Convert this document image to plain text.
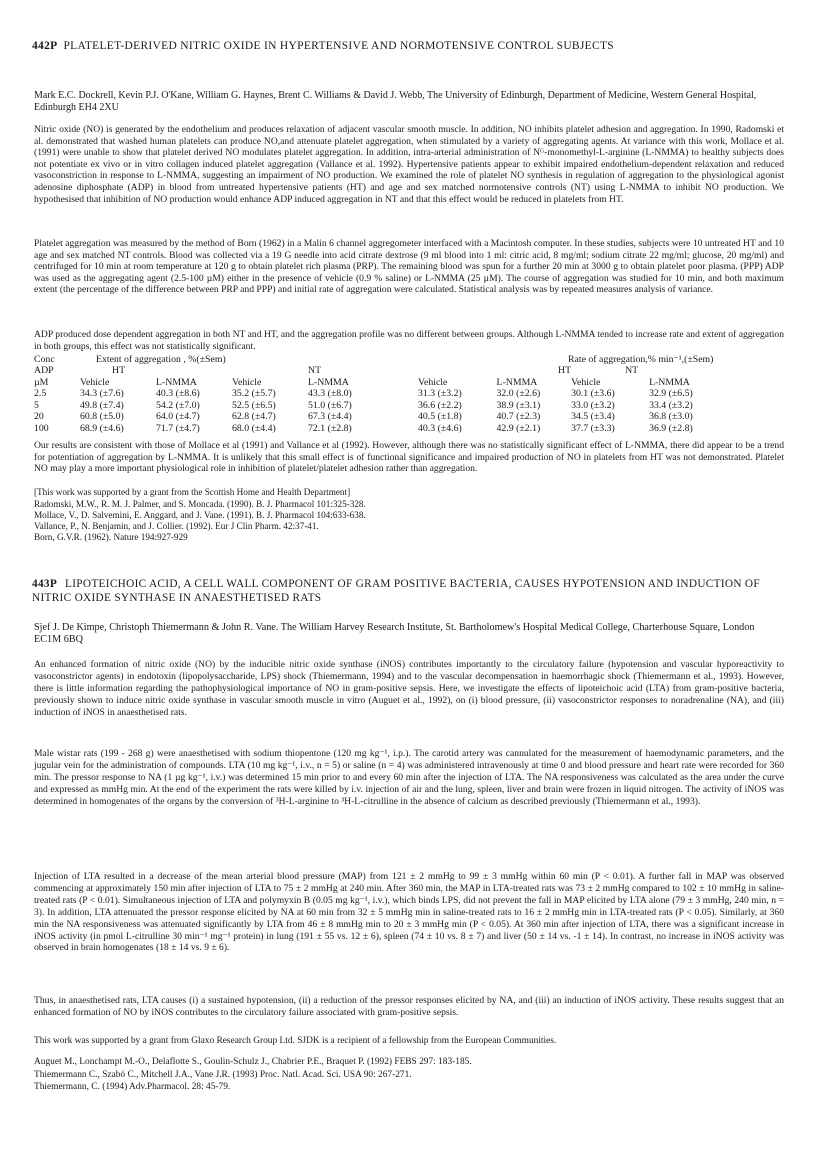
442P PLATELET-DERIVED NITRIC OXIDE IN HYPERTENSIVE AND NORMOTENSIVE CONTROL SUBJECTS
Mark E.C. Dockrell, Kevin P.J. O'Kane, William G. Haynes, Brent C. Williams & David J. Webb, The University of Edinburgh, Department of Medicine, Western General Hospital, Edinburgh EH4 2XU
Nitric oxide (NO) is generated by the endothelium and produces relaxation of adjacent vascular smooth muscle. In addition, NO inhibits platelet adhesion and aggregation. In 1990, Radomski et al. demonstrated that washed human platelets can produce NO,and attenuate platelet aggregation, when stimulated by a variety of aggregating agents. At variance with this work, Mollace et al. (1991) were unable to show that platelet derived NO modulates platelet aggregation. In addition, intra-arterial administration of Nᴳ-monomethyl-L-arginine (L-NMMA) to healthy subjects does not potentiate ex vivo or in vitro collagen induced platelet aggregation (Vallance et al. 1992). Hypertensive patients appear to exhibit impaired endothelium-dependent relaxation and reduced vasoconstriction in response to L-NMMA, suggesting an impairment of NO production. We examined the role of platelet NO synthesis in regulation of aggregation to the physiological agonist adenosine diphosphate (ADP) in blood from untreated hypertensive patients (HT) and age and sex matched normotensive controls (NT) using L-NMMA to inhibit NO production. We hypothesised that inhibition of NO production would enhance ADP induced aggregation in NT and that this effect would be reduced in platelets from HT.
Platelet aggregation was measured by the method of Born (1962) in a Malin 6 channel aggregometer interfaced with a Macintosh computer. In these studies, subjects were 10 untreated HT and 10 age and sex matched NT controls. Blood was collected via a 19 G needle into acid citrate dextrose (9 ml blood into 1 ml: citric acid, 8 mg/ml; sodium citrate 22 mg/ml; glucose, 20 mg/ml) and centrifuged for 10 min at room temperature at 120 g to obtain platelet rich plasma (PRP). The remaining blood was spun for a further 20 min at 3000 g to obtain platelet poor plasma. (PPP) ADP was used as the aggregating agent (2.5-100 µM) either in the presence of vehicle (0.9 % saline) or L-NMMA (25 µM). The course of aggregation was studied for 10 min, and both maximum extent (the percentage of the difference between PRP and PPP) and initial rate of aggregation were calculated. Statistical analysis was by repeated measures analysis of variance.
ADP produced dose dependent aggregation in both NT and HT, and the aggregation profile was no different between groups. Although L-NMMA tended to increase rate and extent of aggregation in both groups, this effect was not statistically significant.
Conc	Extent of aggregation , %(±Sem)				Rate of aggregation,% min⁻¹,(±Sem)			
ADP	HT		NT		HT		NT	
µM	Vehicle	L-NMMA	Vehicle	L-NMMA	Vehicle	L-NMMA	Vehicle	L-NMMA
2.5	34.3 (±7.6)	40.3 (±8.6)	35.2 (±5.7)	43.3 (±8.0)	31.3 (±3.2)	32.0 (±2.6)	30.1 (±3.6)	32.9 (±6.5)
5	49.8 (±7.4)	54.2 (±7.0)	52.5 (±6.5)	51.0 (±6.7)	36.6 (±2.2)	38.9 (±3.1)	33.0 (±3.2)	33.4 (±3.2)
20	60.8 (±5.0)	64.0 (±4.7)	62.8 (±4.7)	67.3 (±4.4)	40.5 (±1.8)	40.7 (±2.3)	34.5 (±3.4)	36.8 (±3.0)
100	68.9 (±4.6)	71.7 (±4.7)	68.0 (±4.4)	72.1 (±2.8)	40.3 (±4.6)	42.9 (±2.1)	37.7 (±3.3)	36.9 (±2.8)
Our results are consistent with those of Mollace et al (1991) and Vallance et al (1992). However, although there was no statistically significant effect of L-NMMA, there did appear to be a trend for potentiation of aggregation by L-NMMA. It is unlikely that this small effect is of functional significance and impaired production of NO in platelets from HT was not demonstrated. Platelet NO may play a more important physiological role in inhibition of platelet/platelet adhesion rather than aggregation.
[This work was supported by a grant from the Scottish Home and Health Department]
Radomski, M.W., R. M. J. Palmer, and S. Moncada. (1990). B. J. Pharmacol 101:325-328.
Mollace, V., D. Salvemini, E. Anggard, and J. Vane. (1991). B. J. Pharmacol 104:633-638.
Vallance, P., N. Benjamin, and J. Collier. (1992). Eur J Clin Pharm. 42:37-41.
Born, G.V.R. (1962). Nature 194:927-929
443P LIPOTEICHOIC ACID, A CELL WALL COMPONENT OF GRAM POSITIVE BACTERIA, CAUSES HYPOTENSION AND INDUCTION OF NITRIC OXIDE SYNTHASE IN ANAESTHETISED RATS
Sjef J. De Kimpe, Christoph Thiemermann & John R. Vane. The William Harvey Research Institute, St. Bartholomew's Hospital Medical College, Charterhouse Square, London EC1M 6BQ
An enhanced formation of nitric oxide (NO) by the inducible nitric oxide synthase (iNOS) contributes importantly to the circulatory failure (hypotension and vascular hyporeactivity to vasoconstrictor agents) in endotoxin (lipopolysaccharide, LPS) shock (Thiemermann, 1994) and to the vascular decompensation in haemorrhagic shock (Thiemermann et al., 1993). However, there is little information regarding the pathophysiological importance of NO in gram-positive sepsis. Here, we investigate the effects of lipoteichoic acid (LTA) from gram-positive bacteria, previously shown to induce nitric oxide synthase in vascular smooth muscle in vitro (Auguet et al., 1992), on (i) blood pressure, (ii) vasoconstrictor responses to noradrenaline (NA), and (iii) induction of iNOS in anaesthetised rats.
Male wistar rats (199 - 268 g) were anaesthetised with sodium thiopentone (120 mg kg⁻¹, i.p.). The carotid artery was cannulated for the measurement of haemodynamic parameters, and the jugular vein for the administration of compounds. LTA (10 mg kg⁻¹, i.v., n = 5) or saline (n = 4) was administered intravenously at time 0 and blood pressure and heart rate were recorded for 360 min. The pressor response to NA (1 µg kg⁻¹, i.v.) was determined 15 min prior to and every 60 min after the injection of LTA. The NA responsiveness was calculated as the area under the curve and expressed as mmHg min. At the end of the experiment the rats were killed by i.v. injection of air and the lung, spleen, liver and brain were frozen in liquid nitrogen. The activity of iNOS was determined in homogenates of the organs by the conversion of ³H-L-arginine to ³H-L-citrulline in the absence of calcium as described previously (Thiemermann et al., 1993).
Injection of LTA resulted in a decrease of the mean arterial blood pressure (MAP) from 121 ± 2 mmHg to 99 ± 3 mmHg within 60 min (P < 0.01). A further fall in MAP was observed commencing at approximately 150 min after injection of LTA to 75 ± 2 mmHg at 240 min. After 360 min, the MAP in LTA-treated rats was 73 ± 2 mmHg compared to 102 ± 10 mmHg in saline-treated rats (P < 0.01). Simultaneous injection of LTA and polymyxin B (0.05 mg kg⁻¹, i.v.), which binds LPS, did not prevent the fall in MAP elicited by LTA alone (79 ± 3 mmHg, 240 min, n = 3). In addition, LTA attenuated the pressor response elicited by NA at 60 min from 32 ± 5 mmHg min in saline-treated rats to 16 ± 2 mmHg min in LTA-treated rats (P < 0.05). Similarly, at 360 min the NA responsiveness was attenuated significantly by LTA from 46 ± 8 mmHg min to 20 ± 3 mmHg min (P < 0.05). At 360 min after injection of LTA, there was a significant increase in iNOS activity (in pmol L-citrulline 30 min⁻¹ mg⁻¹ protein) in lung (191 ± 55 vs. 12 ± 6), spleen (74 ± 10 vs. 8 ± 7) and liver (50 ± 14 vs. -1 ± 14). In contrast, no increase in iNOS activity was observed in brain homogenates (18 ± 14 vs. 9 ± 6).
Thus, in anaesthetised rats, LTA causes (i) a sustained hypotension, (ii) a reduction of the pressor responses elicited by NA, and (iii) an induction of iNOS activity. These results suggest that an enhanced formation of NO by iNOS contributes to the circulatory failure associated with gram-positive sepsis.
This work was supported by a grant from Glaxo Research Group Ltd. SJDK is a recipient of a fellowship from the European Communities.
Auguet M., Lonchampt M.-O., Delaflotte S., Goulin-Schulz J., Chabrier P.E., Braquet P. (1992) FEBS 297: 183-185.
Thiemermann C., Szabó C., Mitchell J.A., Vane J.R. (1993) Proc. Natl. Acad. Sci. USA 90: 267-271.
Thiemermann, C. (1994) Adv.Pharmacol. 28: 45-79.
